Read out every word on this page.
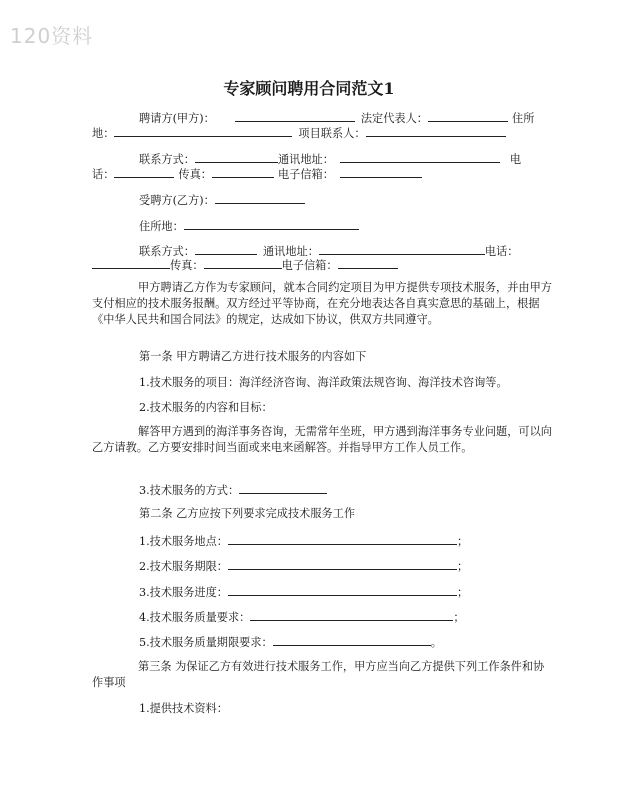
120资料
专家顾问聘用合同范文1
聘请方(甲方)：	法定代表人：	住所
地：	项目联系人：
联系方式：	通讯地址：	电
话：	传真：	电子信箱：
受聘方(乙方)：
住所地：
联系方式：	通讯地址：	电话：
传真：	电子信箱：
甲方聘请乙方作为专家顾问，就本合同约定项目为甲方提供专项技术服务，并由甲方支付相应的技术服务报酬。双方经过平等协商，在充分地表达各自真实意思的基础上，根据《中华人民共和国合同法》的规定，达成如下协议，供双方共同遵守。
第一条 甲方聘请乙方进行技术服务的内容如下
1.技术服务的项目：海洋经济咨询、海洋政策法规咨询、海洋技术咨询等。
2.技术服务的内容和目标：
解答甲方遇到的海洋事务咨询，无需常年坐班，甲方遇到海洋事务专业问题，可以向乙方请教。乙方要安排时间当面或来电来函解答。并指导甲方工作人员工作。
3.技术服务的方式：
第二条 乙方应按下列要求完成技术服务工作
1.技术服务地点：	；
2.技术服务期限：	；
3.技术服务进度：	；
4.技术服务质量要求：	；
5.技术服务质量期限要求：	。
第三条 为保证乙方有效进行技术服务工作，甲方应当向乙方提供下列工作条件和协作事项
1.提供技术资料：
